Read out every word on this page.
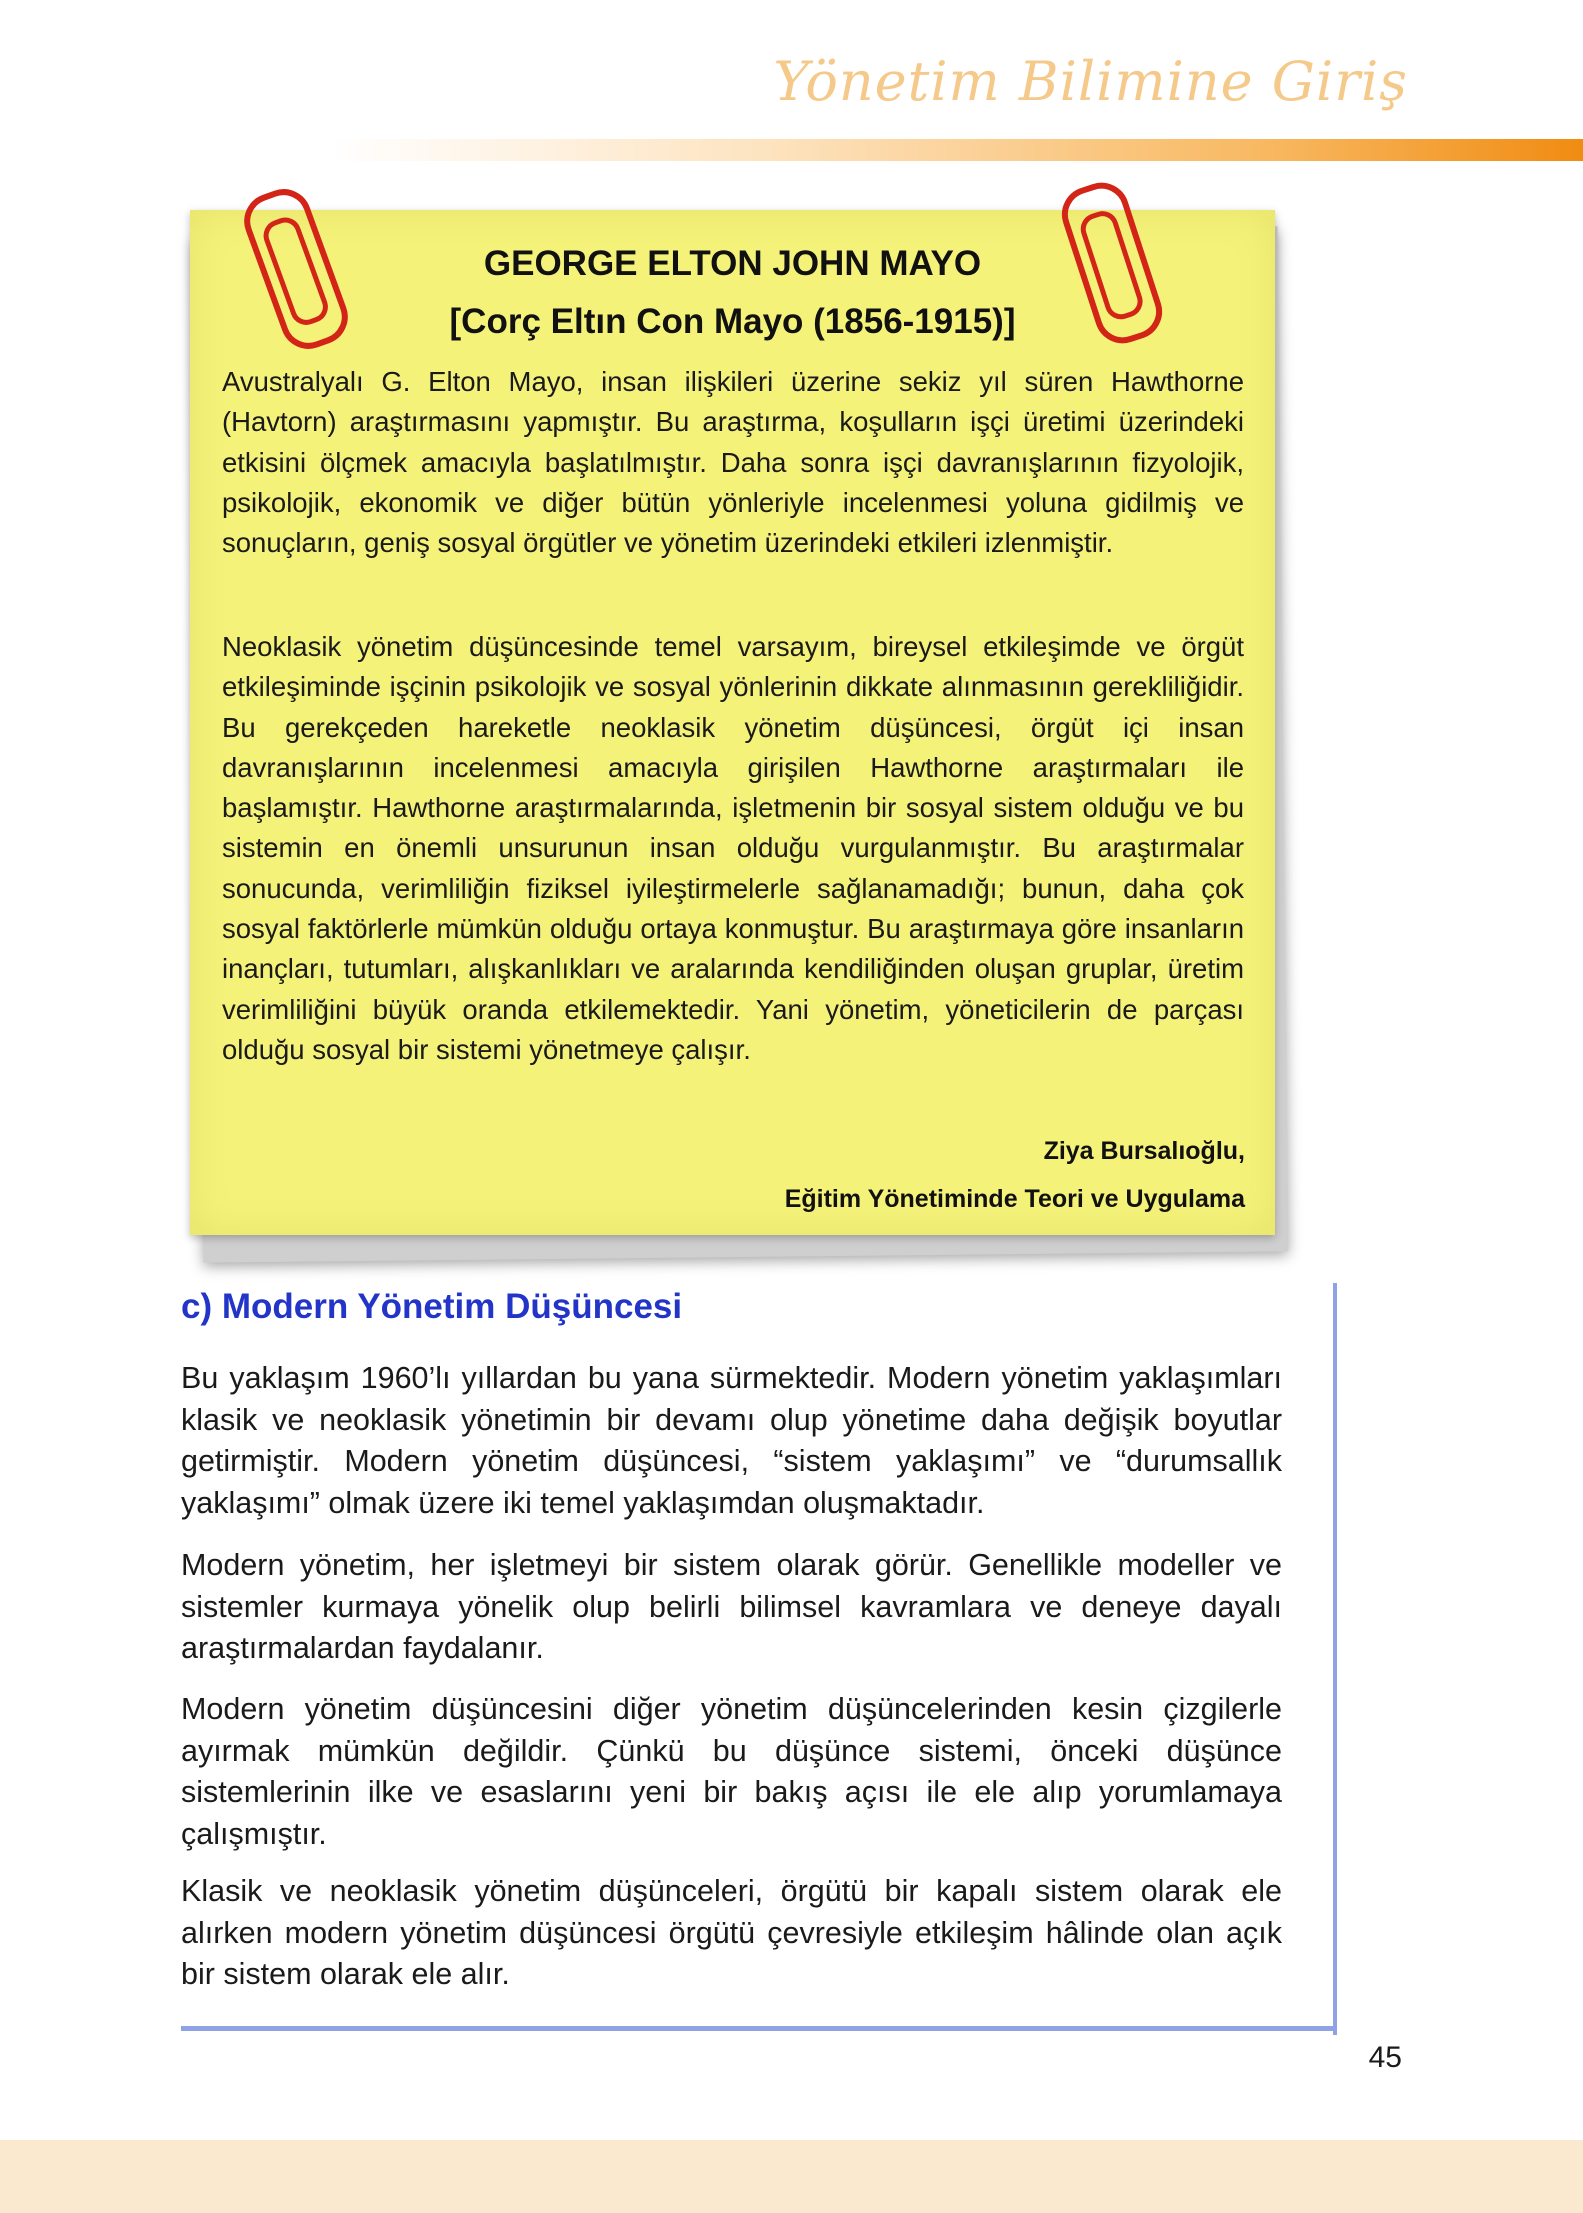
Yönetim Bilimine Giriş
GEORGE ELTON JOHN MAYO
[Corç Eltın Con Mayo (1856-1915)]
Avustralyalı G. Elton Mayo, insan ilişkileri üzerine sekiz yıl süren Hawthorne (Havtorn) araştırmasını yapmıştır. Bu araştırma, koşulların işçi üretimi üzerindeki etkisini ölçmek amacıyla başlatılmıştır. Daha sonra işçi davranışlarının fizyolojik, psikolojik, ekonomik ve diğer bütün yönleriyle incelenmesi yoluna gidilmiş ve sonuçların, geniş sosyal örgütler ve yönetim üzerindeki etkileri izlenmiştir.
Neoklasik yönetim düşüncesinde temel varsayım, bireysel etkileşimde ve örgüt etkileşiminde işçinin psikolojik ve sosyal yönlerinin dikkate alınmasının gerekliliğidir. Bu gerekçeden hareketle neoklasik yönetim düşüncesi, örgüt içi insan davranışlarının incelenmesi amacıyla girişilen Hawthorne araştırmaları ile başlamıştır. Hawthorne araştırmalarında, işletmenin bir sosyal sistem olduğu ve bu sistemin en önemli unsurunun insan olduğu vurgulanmıştır. Bu araştırmalar sonucunda, verimliliğin fiziksel iyileştirmelerle sağlanamadığı; bunun, daha çok sosyal faktörlerle mümkün olduğu ortaya konmuştur. Bu araştırmaya göre insanların inançları, tutumları, alışkanlıkları ve aralarında kendiliğinden oluşan gruplar, üretim verimliliğini büyük oranda etkilemektedir. Yani yönetim, yöneticilerin de parçası olduğu sosyal bir sistemi yönetmeye çalışır.
Ziya Bursalıoğlu,
Eğitim Yönetiminde Teori ve Uygulama
c) Modern Yönetim Düşüncesi
Bu yaklaşım 1960’lı yıllardan bu yana sürmektedir. Modern yönetim yaklaşımları klasik ve neoklasik yönetimin bir devamı olup yönetime daha değişik boyutlar getirmiştir. Modern yönetim düşüncesi, “sistem yaklaşımı” ve “durumsallık yaklaşımı” olmak üzere iki temel yaklaşımdan oluşmaktadır.
Modern yönetim, her işletmeyi bir sistem olarak görür. Genellikle modeller ve sistemler kurmaya yönelik olup belirli bilimsel kavramlara ve deneye dayalı araştırmalardan faydalanır.
Modern yönetim düşüncesini diğer yönetim düşüncelerinden kesin çizgilerle ayırmak mümkün değildir. Çünkü bu düşünce sistemi, önceki düşünce sistemlerinin ilke ve esaslarını yeni bir bakış açısı ile ele alıp yorumlamaya çalışmıştır.
Klasik ve neoklasik yönetim düşünceleri, örgütü bir kapalı sistem olarak ele alırken modern yönetim düşüncesi örgütü çevresiyle etkileşim hâlinde olan açık bir sistem olarak ele alır.
45
